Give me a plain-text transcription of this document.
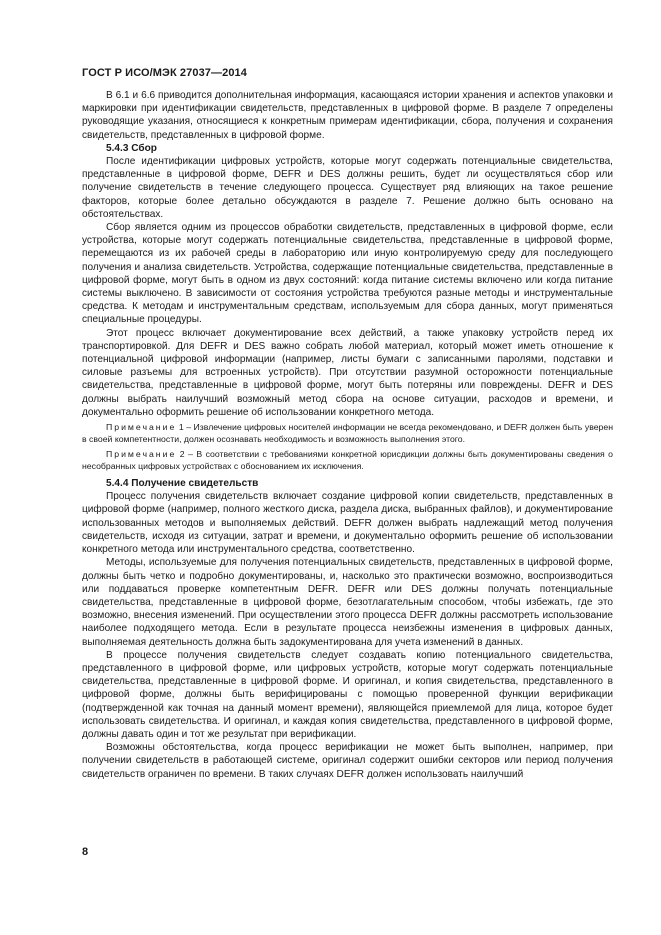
ГОСТ Р ИСО/МЭК 27037—2014

В 6.1 и 6.6 приводится дополнительная информация, касающаяся истории хранения и аспектов упаковки и маркировки при идентификации свидетельств, представленных в цифровой форме. В разделе 7 определены руководящие указания, относящиеся к конкретным примерам идентификации, сбора, получения и сохранения свидетельств, представленных в цифровой форме.

5.4.3 Сбор

После идентификации цифровых устройств, которые могут содержать потенциальные свидетельства, представленные в цифровой форме, DEFR и DES должны решить, будет ли осуществляться сбор или получение свидетельств в течение следующего процесса. Существует ряд влияющих на такое решение факторов, которые более детально обсуждаются в разделе 7. Решение должно быть основано на обстоятельствах.

Сбор является одним из процессов обработки свидетельств, представленных в цифровой форме, если устройства, которые могут содержать потенциальные свидетельства, представленные в цифровой форме, перемещаются из их рабочей среды в лабораторию или иную контролируемую среду для последующего получения и анализа свидетельств. Устройства, содержащие потенциальные свидетельства, представленные в цифровой форме, могут быть в одном из двух состояний: когда питание системы включено или когда питание системы выключено. В зависимости от состояния устройства требуются разные методы и инструментальные средства. К методам и инструментальным средствам, используемым для сбора данных, могут применяться специальные процедуры.

Этот процесс включает документирование всех действий, а также упаковку устройств перед их транспортировкой. Для DEFR и DES важно собрать любой материал, который может иметь отношение к потенциальной цифровой информации (например, листы бумаги с записанными паролями, подставки и силовые разъемы для встроенных устройств). При отсутствии разумной осторожности потенциальные свидетельства, представленные в цифровой форме, могут быть потеряны или повреждены. DEFR и DES должны выбрать наилучший возможный метод сбора на основе ситуации, расходов и времени, и документально оформить решение об использовании конкретного метода.

Примечание 1 – Извлечение цифровых носителей информации не всегда рекомендовано, и DEFR должен быть уверен в своей компетентности, должен осознавать необходимость и возможность выполнения этого.

Примечание 2 – В соответствии с требованиями конкретной юрисдикции должны быть документированы сведения о несобранных цифровых устройствах с обоснованием их исключения.

5.4.4 Получение свидетельств

Процесс получения свидетельств включает создание цифровой копии свидетельств, представленных в цифровой форме (например, полного жесткого диска, раздела диска, выбранных файлов), и документирование использованных методов и выполняемых действий. DEFR должен выбрать надлежащий метод получения свидетельств, исходя из ситуации, затрат и времени, и документально оформить решение об использовании конкретного метода или инструментального средства, соответственно.

Методы, используемые для получения потенциальных свидетельств, представленных в цифровой форме, должны быть четко и подробно документированы, и, насколько это практически возможно, воспроизводиться или поддаваться проверке компетентным DEFR. DEFR или DES должны получать потенциальные свидетельства, представленные в цифровой форме, безотлагательным способом, чтобы избежать, где это возможно, внесения изменений. При осуществлении этого процесса DEFR должны рассмотреть использование наиболее подходящего метода. Если в результате процесса неизбежны изменения в цифровых данных, выполняемая деятельность должна быть задокументирована для учета изменений в данных.

В процессе получения свидетельств следует создавать копию потенциального свидетельства, представленного в цифровой форме, или цифровых устройств, которые могут содержать потенциальные свидетельства, представленные в цифровой форме. И оригинал, и копия свидетельства, представленного в цифровой форме, должны быть верифицированы с помощью проверенной функции верификации (подтвержденной как точная на данный момент времени), являющейся приемлемой для лица, которое будет использовать свидетельства. И оригинал, и каждая копия свидетельства, представленного в цифровой форме, должны давать один и тот же результат при верификации.

Возможны обстоятельства, когда процесс верификации не может быть выполнен, например, при получении свидетельств в работающей системе, оригинал содержит ошибки секторов или период получения свидетельств ограничен по времени. В таких случаях DEFR должен использовать наилучший

8
